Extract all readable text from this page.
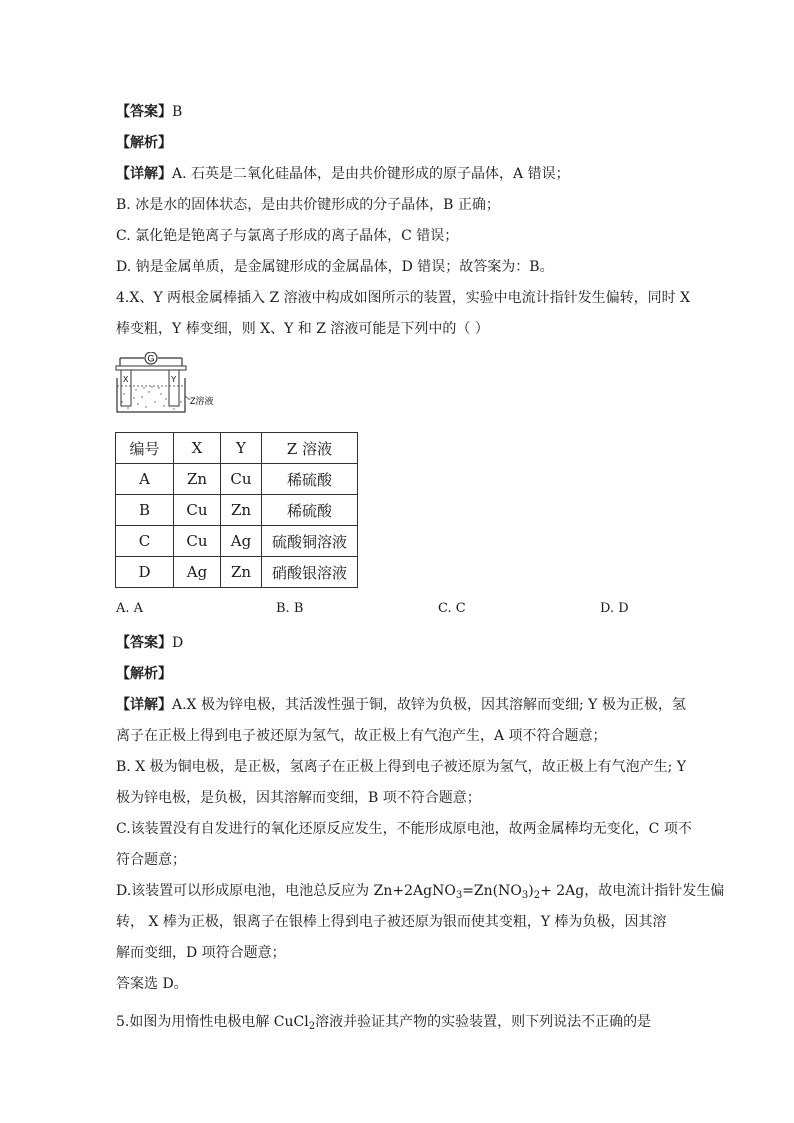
【答案】B
【解析】
【详解】A. 石英是二氧化硅晶体，是由共价键形成的原子晶体，A 错误；
B. 冰是水的固体状态，是由共价键形成的分子晶体，B 正确；
C. 氯化铯是铯离子与氯离子形成的离子晶体，C 错误；
D. 钠是金属单质，是金属键形成的金属晶体，D 错误；故答案为：B。
4.X、Y 两根金属棒插入 Z 溶液中构成如图所示的装置，实验中电流计指针发生偏转，同时 X
棒变粗，Y 棒变细，则 X、Y 和 Z 溶液可能是下列中的（ ）
G
X	Y
Z溶液
编号	X	Y	Z 溶液
A	Zn	Cu	稀硫酸
B	Cu	Zn	稀硫酸
C	Cu	Ag	硫酸铜溶液
D	Ag	Zn	硝酸银溶液
A. A	B. B	C. C	D. D
【答案】D
【解析】
【详解】A.X 极为锌电极，其活泼性强于铜，故锌为负极，因其溶解而变细; Y 极为正极，氢
离子在正极上得到电子被还原为氢气，故正极上有气泡产生，A 项不符合题意；
B. X 极为铜电极，是正极，氢离子在正极上得到电子被还原为氢气，故正极上有气泡产生; Y
极为锌电极，是负极，因其溶解而变细，B 项不符合题意；
C.该装置没有自发进行的氧化还原反应发生，不能形成原电池，故两金属棒均无变化，C 项不
符合题意；
D.该装置可以形成原电池，电池总反应为 $Zn+2AgNO_3=Zn(NO_3)_2+ 2Ag$，故电流计指针发生偏
转， X 棒为正极，银离子在银棒上得到电子被还原为银而使其变粗，Y 棒为负极，因其溶
解而变细，D 项符合题意；
答案选 D。
5.如图为用惰性电极电解 CuCl$_2$溶液并验证其产物的实验装置，则下列说法不正确的是
